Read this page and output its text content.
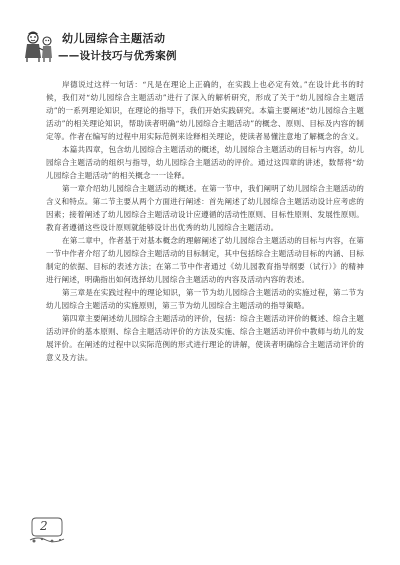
幼儿园综合主题活动
——设计技巧与优秀案例

岸德说过这样一句话：“凡是在理论上正确的，在实践上也必定有效。”在设计此书的时候，我们对“幼儿园综合主题活动”进行了深入的解析研究，形成了关于“幼儿园综合主题活动”的一系列理论知识，在理论的指导下，我们开始实践研究。本篇主要阐述“幼儿园综合主题活动”的相关理论知识，帮助读者明确“幼儿园综合主题活动”的概念、原则、目标及内容的制定等。作者在编写的过程中用实际范例来诠释相关理论，使读者易懂注意地了解概念的含义。

本篇共四章，包含幼儿园综合主题活动的概述，幼儿园综合主题活动的目标与内容，幼儿园综合主题活动的组织与指导，幼儿园综合主题活动的评价。通过这四章的讲述，数帮将“幼儿园综合主题活动”的相关概念一一诠释。

第一章介绍幼儿园综合主题活动的概述。在第一节中，我们阐明了幼儿园综合主题活动的含义和特点。第二节主要从两个方面进行阐述：首先阐述了幼儿园综合主题活动设计应考虑的因素；接着阐述了幼儿园综合主题活动设计应遵循的活动性原则、目标性原则、发展性原则。教育者遵循这些设计原则就能够设计出优秀的幼儿园综合主题活动。

在第二章中，作者基于对基本概念的理解阐述了幼儿园综合主题活动的目标与内容，在第一节中作者介绍了幼儿园综合主题活动的目标制定，其中包括综合主题活动目标的内涵、目标制定的依据、目标的表述方法；在第二节中作者通过《幼儿园教育指导纲要（试行）》的精神进行阐述，明确指出如何选择幼儿园综合主题活动的内容及活动内容的表述。

第三章是在实践过程中的理论知识，第一节为幼儿园综合主题活动的实施过程，第二节为幼儿园综合主题活动的实施原则，第三节为幼儿园综合主题活动的指导策略。

第四章主要阐述幼儿园综合主题活动的评价，包括：综合主题活动评价的概述、综合主题活动评价的基本原则、综合主题活动评价的方法及实施、综合主题活动评价中教师与幼儿的发展评价。在阐述的过程中以实际范例的形式进行理论的讲解，使读者明确综合主题活动评价的意义及方法。

2
